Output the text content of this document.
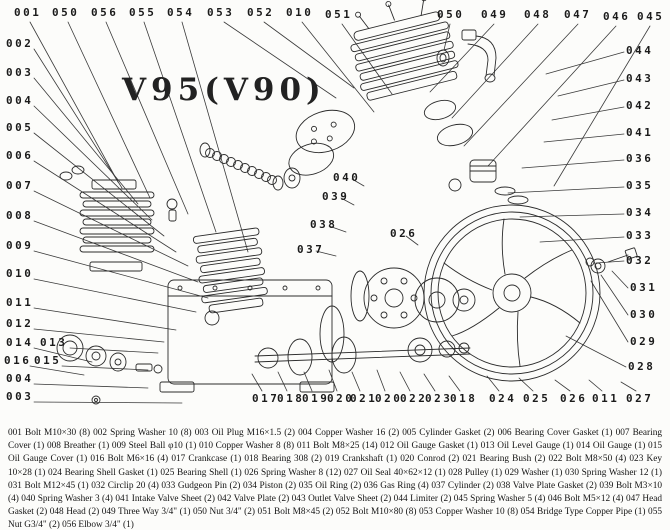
001 050 056 055 054 053 052 010 051	050 049 048 047 046 045
002
003
004
005
006
007
008
009
010
011
012
014 013
016 015
004
003
044
043
042
041
036
035
034
033
032
031
030
029
028
017
018
019
020
021
020
022
023
018 024 025 026 011 027
040
039
038
037
026
V95(V90)
001 Bolt M10×30 (8) 002 Spring Washer 10 (8) 003 Oil Plug M16×1.5 (2) 004 Copper Washer 16 (2) 005 Cylinder Gasket (2) 006 Bearing Cover Gasket (1) 007 Bearing Cover (1) 008 Breather (1) 009 Steel Ball φ10 (1) 010 Copper Washer 8 (8) 011 Bolt M8×25 (14) 012 Oil Gauge Gasket (1) 013 Oil Level Gauge (1) 014 Oil Gauge (1) 015 Oil Gauge Cover (1) 016 Bolt M6×16 (4) 017 Crankcase (1) 018 Bearing 308 (2) 019 Crankshaft (1) 020 Conrod (2) 021 Bearing Bush (2) 022 Bolt M8×50 (4) 023 Key 10×28 (1) 024 Bearing Shell Gasket (1) 025 Bearing Shell (1) 026 Spring Washer 8 (12) 027 Oil Seal 40×62×12 (1) 028 Pulley (1) 029 Washer (1) 030 Spring Washer 12 (1) 031 Bolt M12×45 (1) 032 Circlip 20 (4) 033 Gudgeon Pin (2) 034 Piston (2) 035 Oil Ring (2) 036 Gas Ring (4) 037 Cylinder (2) 038 Valve Plate Gasket (2) 039 Bolt M3×10 (4) 040 Spring Washer 3 (4) 041 Intake Valve Sheet (2) 042 Valve Plate (2) 043 Outlet Valve Sheet (2) 044 Limiter (2) 045 Spring Washer 5 (4) 046 Bolt M5×12 (4) 047 Head Gasket (2) 048 Head (2) 049 Three Way 3/4" (1) 050 Nut 3/4" (2) 051 Bolt M8×45 (2) 052 Bolt M10×80 (8) 053 Copper Washer 10 (8) 054 Bridge Type Copper Pipe (1) 055 Nut G3/4" (2) 056 Elbow 3/4" (1)
